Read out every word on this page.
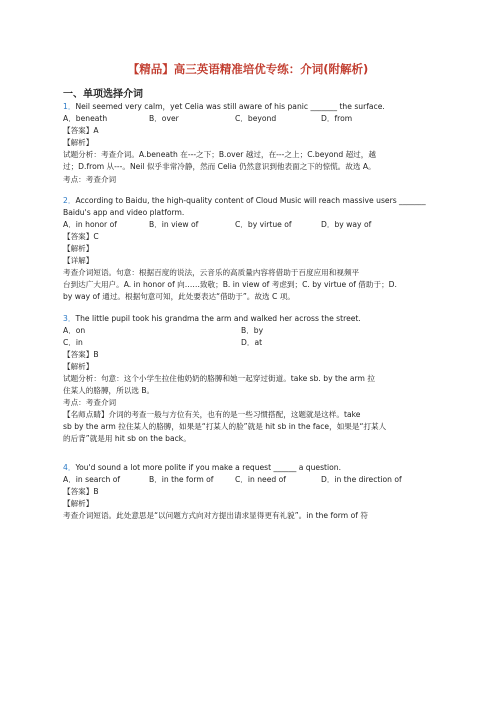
【精品】高三英语精准培优专练：介词(附解析)
一、单项选择介词
1．Neil seemed very calm，yet Celia was still aware of his panic _______ the surface.
A．beneath	B．over	C．beyond	D．from
【答案】A
【解析】
试题分析：考查介词。A.beneath 在---之下；B.over 越过，在---之上；C.beyond 超过，越
过；D.from 从---。Neil 似乎非常冷静，然而 Celia 仍然意识到他表面之下的惊慌。故选 A。
考点：考查介词
2．According to Baidu, the high-quality content of Cloud Music will reach massive users _______
Baidu's app and video platform.
A．in honor of	B．in view of	C．by virtue of	D．by way of
【答案】C
【解析】
【详解】
考查介词短语。句意：根据百度的说法，云音乐的高质量内容将借助于百度应用和视频平
台到达广大用户。A. in honor of 向……致敬；B. in view of 考虑到；C. by virtue of 借助于；D.
by way of 通过。根据句意可知，此处要表达“借助于”。故选 C 项。
3．The little pupil took his grandma the arm and walked her across the street.
A．on	B．by
C．in	D．at
【答案】B
【解析】
试题分析：句意：这个小学生拉住他奶奶的胳膊和她一起穿过街道。take sb. by the arm 拉
住某人的胳膊，所以选 B。
考点：考查介词
【名师点睛】介词的考查一般与方位有关，也有的是一些习惯搭配，这题就是这样。take
sb by the arm 拉住某人的胳膊，如果是“打某人的脸”就是 hit sb in the face，如果是“打某人
的后背”就是用 hit sb on the back。
4．You'd sound a lot more polite if you make a request ______ a question.
A．in search of	B．in the form of	C．in need of	D．in the direction of
【答案】B
【解析】
考查介词短语。此处意思是“以问题方式向对方提出请求显得更有礼貌”。in the form of 符
